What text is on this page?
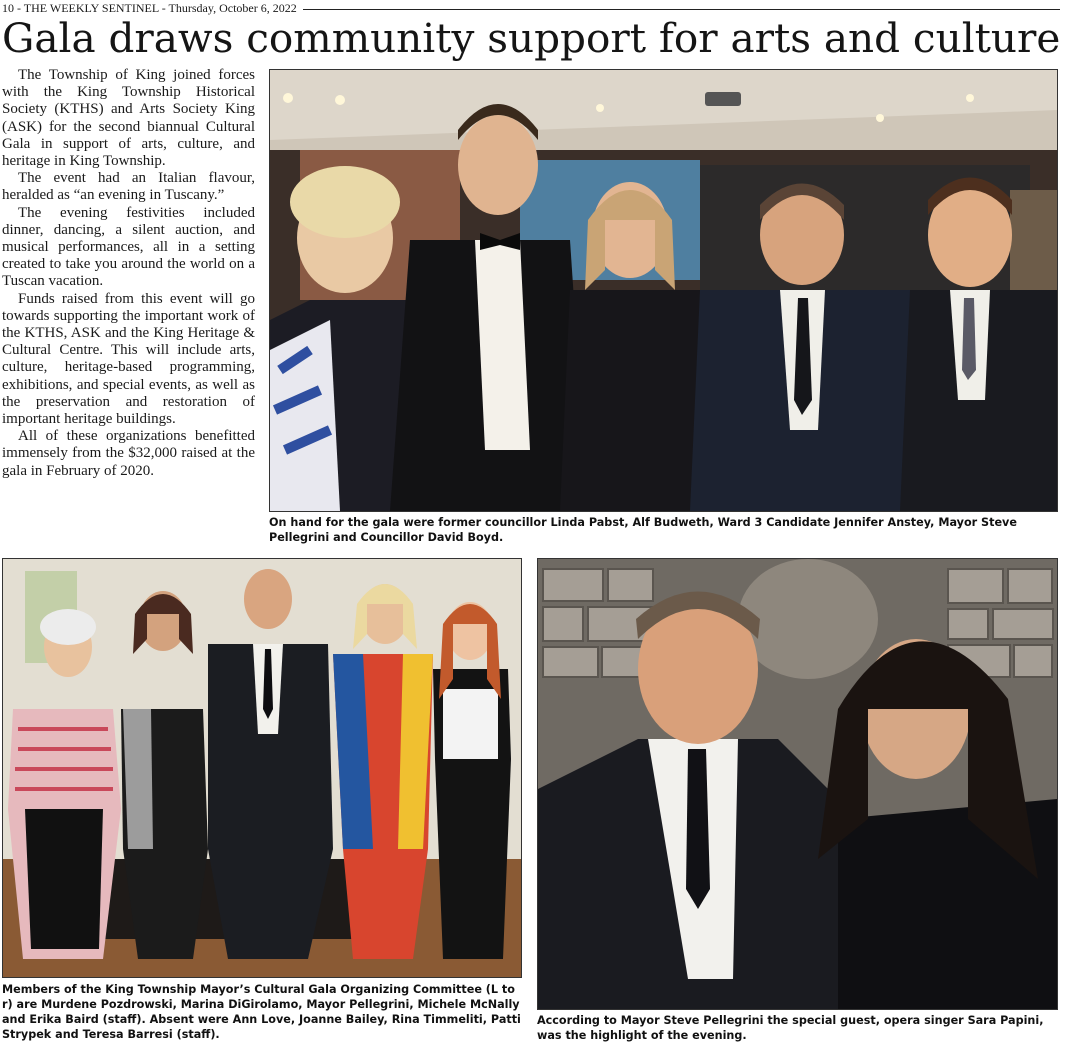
10 - THE WEEKLY SENTINEL - Thursday, October 6, 2022
Gala draws community support for arts and culture

The Township of King joined forces with the King Township Historical Society (KTHS) and Arts Society King (ASK) for the second biannual Cultural Gala in support of arts, culture, and heritage in King Township.

The event had an Italian flavour, heralded as “an evening in Tuscany.”

The evening festivities included dinner, dancing, a silent auction, and musical performances, all in a setting created to take you around the world on a Tuscan vacation.

Funds raised from this event will go towards supporting the important work of the KTHS, ASK and the King Heritage & Cultural Centre. This will include arts, culture, heritage-based programming, exhibitions, and special events, as well as the preservation and restoration of important heritage buildings.

All of these organizations benefitted immensely from the $32,000 raised at the gala in February of 2020.

On hand for the gala were former councillor Linda Pabst, Alf Budweth, Ward 3 Candidate Jennifer Anstey, Mayor Steve Pellegrini and Councillor David Boyd.
Members of the King Township Mayor’s Cultural Gala Organizing Committee (L to r) are Murdene Pozdrowski, Marina DiGirolamo, Mayor Pellegrini, Michele McNally and Erika Baird (staff). Absent were Ann Love, Joanne Bailey, Rina Timmeliti, Patti Strypek and Teresa Barresi (staff).
According to Mayor Steve Pellegrini the special guest, opera singer Sara Papini, was the highlight of the evening.
